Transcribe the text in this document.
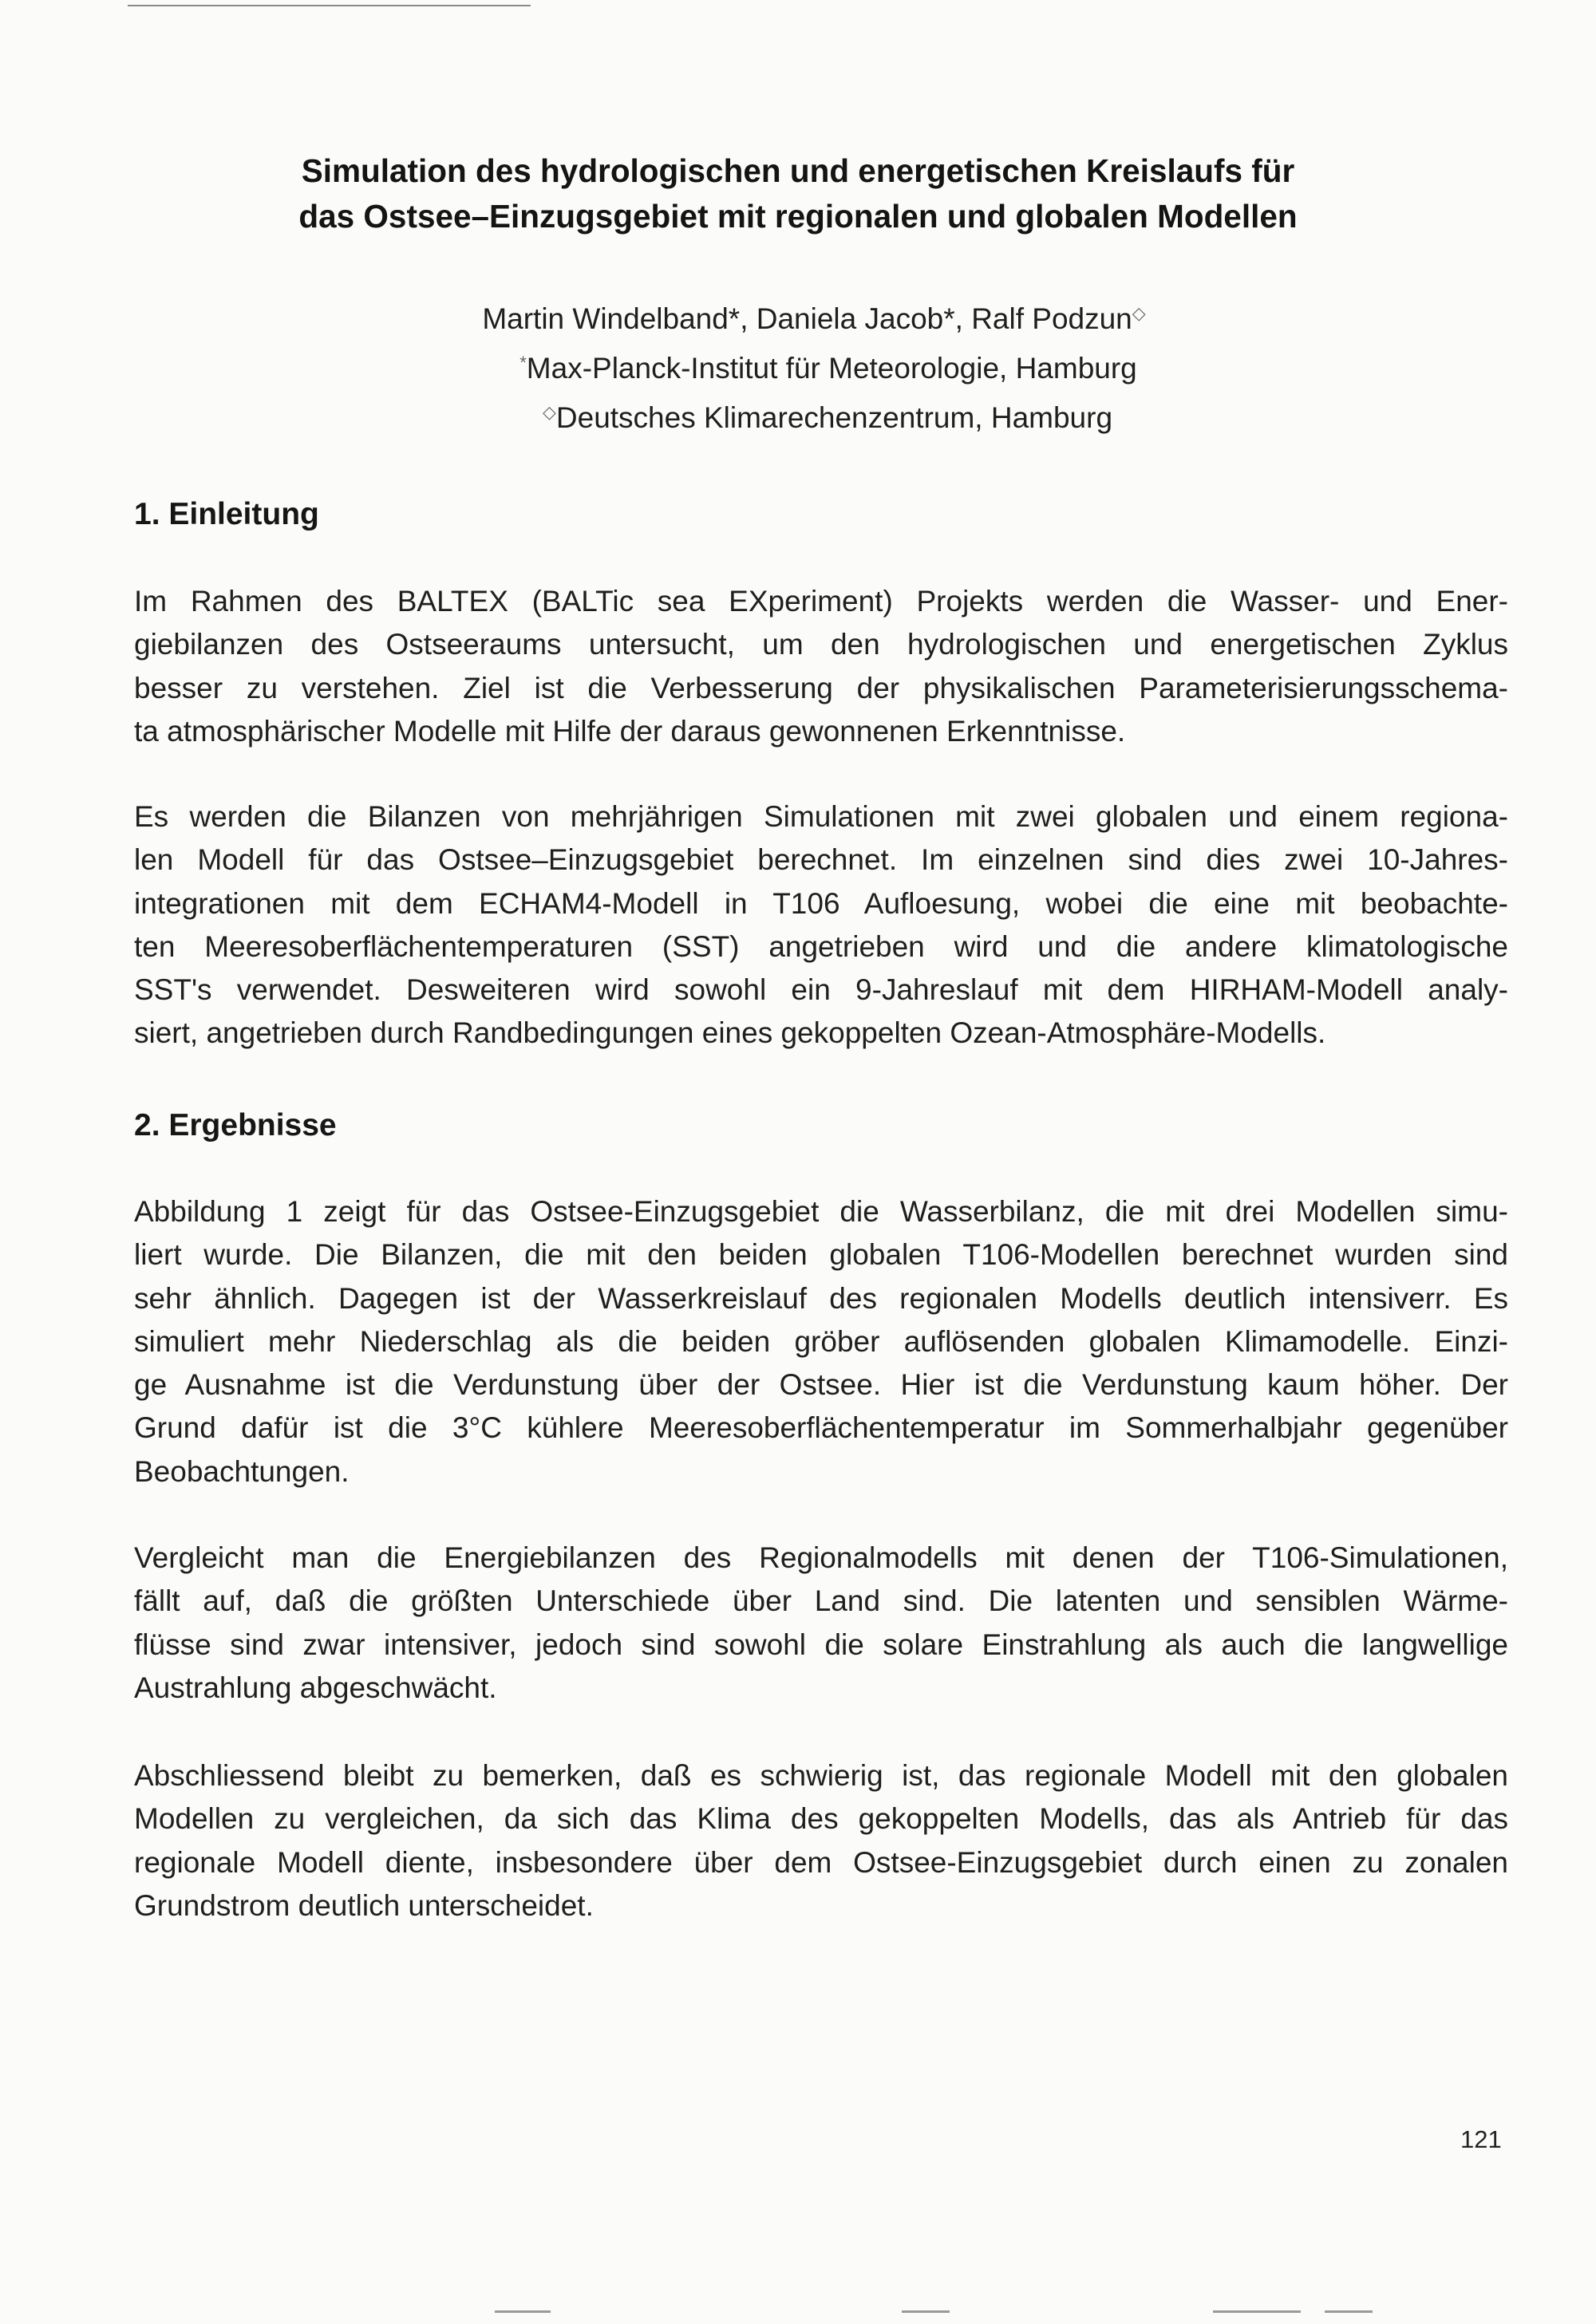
Simulation des hydrologischen und energetischen Kreislaufs für
das Ostsee–Einzugsgebiet mit regionalen und globalen Modellen
Martin Windelband*, Daniela Jacob*, Ralf Podzun◇
*Max-Planck-Institut für Meteorologie, Hamburg
◇Deutsches Klimarechenzentrum, Hamburg
1. Einleitung
Im Rahmen des BALTEX (BALTic sea EXperiment) Projekts werden die Wasser- und Ener-
giebilanzen des Ostseeraums untersucht, um den hydrologischen und energetischen Zyklus
besser zu verstehen. Ziel ist die Verbesserung der physikalischen Parameterisierungsschema-
ta atmosphärischer Modelle mit Hilfe der daraus gewonnenen Erkenntnisse.
Es werden die Bilanzen von mehrjährigen Simulationen mit zwei globalen und einem regiona-
len Modell für das Ostsee–Einzugsgebiet berechnet. Im einzelnen sind dies zwei 10-Jahres-
integrationen mit dem ECHAM4-Modell in T106 Aufloesung, wobei die eine mit beobachte-
ten Meeresoberflächentemperaturen (SST) angetrieben wird und die andere klimatologische
SST's verwendet. Desweiteren wird sowohl ein 9-Jahreslauf mit dem HIRHAM-Modell analy-
siert, angetrieben durch Randbedingungen eines gekoppelten Ozean-Atmosphäre-Modells.
2. Ergebnisse
Abbildung 1 zeigt für das Ostsee-Einzugsgebiet die Wasserbilanz, die mit drei Modellen simu-
liert wurde. Die Bilanzen, die mit den beiden globalen T106-Modellen berechnet wurden sind
sehr ähnlich. Dagegen ist der Wasserkreislauf des regionalen Modells deutlich intensiverr. Es
simuliert mehr Niederschlag als die beiden gröber auflösenden globalen Klimamodelle. Einzi-
ge Ausnahme ist die Verdunstung über der Ostsee. Hier ist die Verdunstung kaum höher. Der
Grund dafür ist die 3°C kühlere Meeresoberflächentemperatur im Sommerhalbjahr gegenüber
Beobachtungen.
Vergleicht man die Energiebilanzen des Regionalmodells mit denen der T106-Simulationen,
fällt auf, daß die größten Unterschiede über Land sind. Die latenten und sensiblen Wärme-
flüsse sind zwar intensiver, jedoch sind sowohl die solare Einstrahlung als auch die langwellige
Austrahlung abgeschwächt.
Abschliessend bleibt zu bemerken, daß es schwierig ist, das regionale Modell mit den globalen
Modellen zu vergleichen, da sich das Klima des gekoppelten Modells, das als Antrieb für das
regionale Modell diente, insbesondere über dem Ostsee-Einzugsgebiet durch einen zu zonalen
Grundstrom deutlich unterscheidet.
121
